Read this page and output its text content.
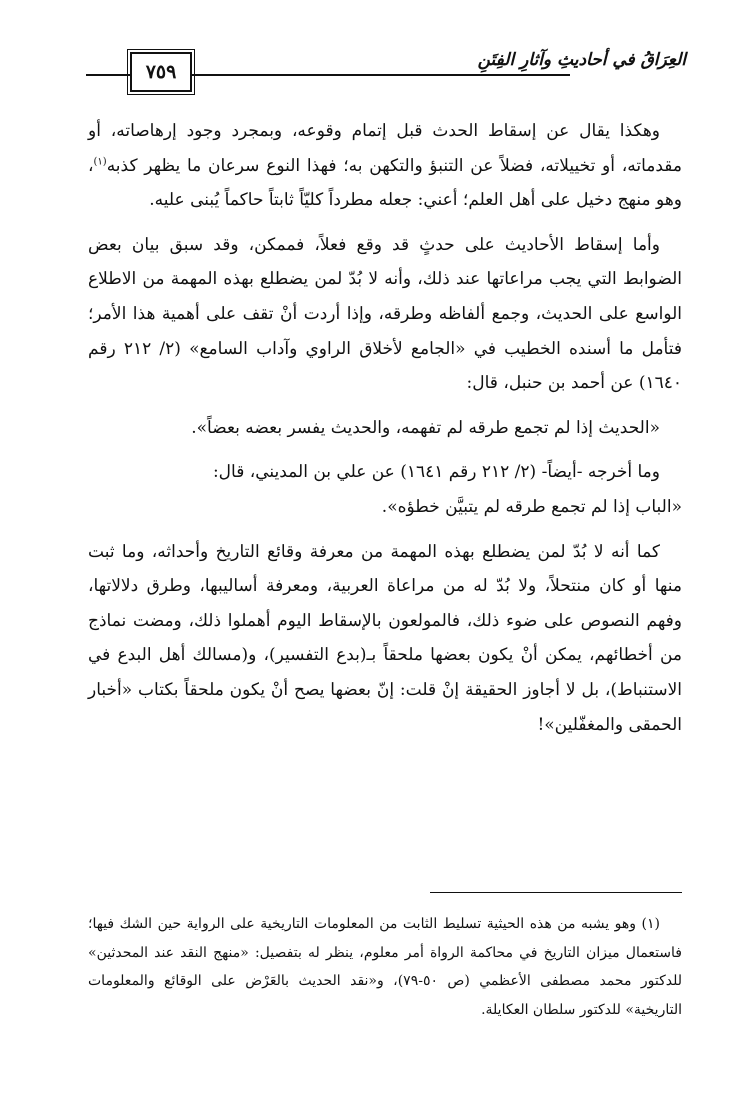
٧٥٩
العِرَاقُ في أحاديثِ وآثارِ الفِتَنِ

وهكذا يقال عن إسقاط الحدث قبل إتمام وقوعه، وبمجرد وجود إرهاصاته، أو مقدماته، أو تخييلاته، فضلاً عن التنبؤ والتكهن به؛ فهذا النوع سرعان ما يظهر كذبه$^{(١)}$، وهو منهج دخيل على أهل العلم؛ أعني: جعله مطرداً كليّاً ثابتاً حاكماً يُبنى عليه.

وأما إسقاط الأحاديث على حدثٍ قد وقع فعلاً، فممكن، وقد سبق بيان بعض الضوابط التي يجب مراعاتها عند ذلك، وأنه لا بُدّ لمن يضطلع بهذه المهمة من الاطلاع الواسع على الحديث، وجمع ألفاظه وطرقه، وإذا أردت أنْ تقف على أهمية هذا الأمر؛ فتأمل ما أسنده الخطيب في «الجامع لأخلاق الراوي وآداب السامع» (٢/ ٢١٢ رقم ١٦٤٠) عن أحمد بن حنبل، قال:

«الحديث إذا لم تجمع طرقه لم تفهمه، والحديث يفسر بعضه بعضاً».

وما أخرجه -أيضاً- (٢/ ٢١٢ رقم ١٦٤١) عن علي بن المديني، قال:

«الباب إذا لم تجمع طرقه لم يتبيَّن خطؤه».

كما أنه لا بُدّ لمن يضطلع بهذه المهمة من معرفة وقائع التاريخ وأحداثه، وما ثبت منها أو كان منتحلاً، ولا بُدّ له من مراعاة العربية، ومعرفة أساليبها، وطرق دلالاتها، وفهم النصوص على ضوء ذلك، فالمولعون بالإسقاط اليوم أهملوا ذلك، ومضت نماذج من أخطائهم، يمكن أنْ يكون بعضها ملحقاً بـ(بدع التفسير)، و(مسالك أهل البدع في الاستنباط)، بل لا أجاوز الحقيقة إنْ قلت: إنّ بعضها يصح أنْ يكون ملحقاً بكتاب «أخبار الحمقى والمغفّلين»!

(١) وهو يشبه من هذه الحيثية تسليط الثابت من المعلومات التاريخية على الرواية حين الشك فيها؛ فاستعمال ميزان التاريخ في محاكمة الرواة أمر معلوم، ينظر له بتفصيل: «منهج النقد عند المحدثين» للدكتور محمد مصطفى الأعظمي (ص ٥٠-٧٩)، و«نقد الحديث بالعَرْض على الوقائع والمعلومات التاريخية» للدكتور سلطان العكايلة.
